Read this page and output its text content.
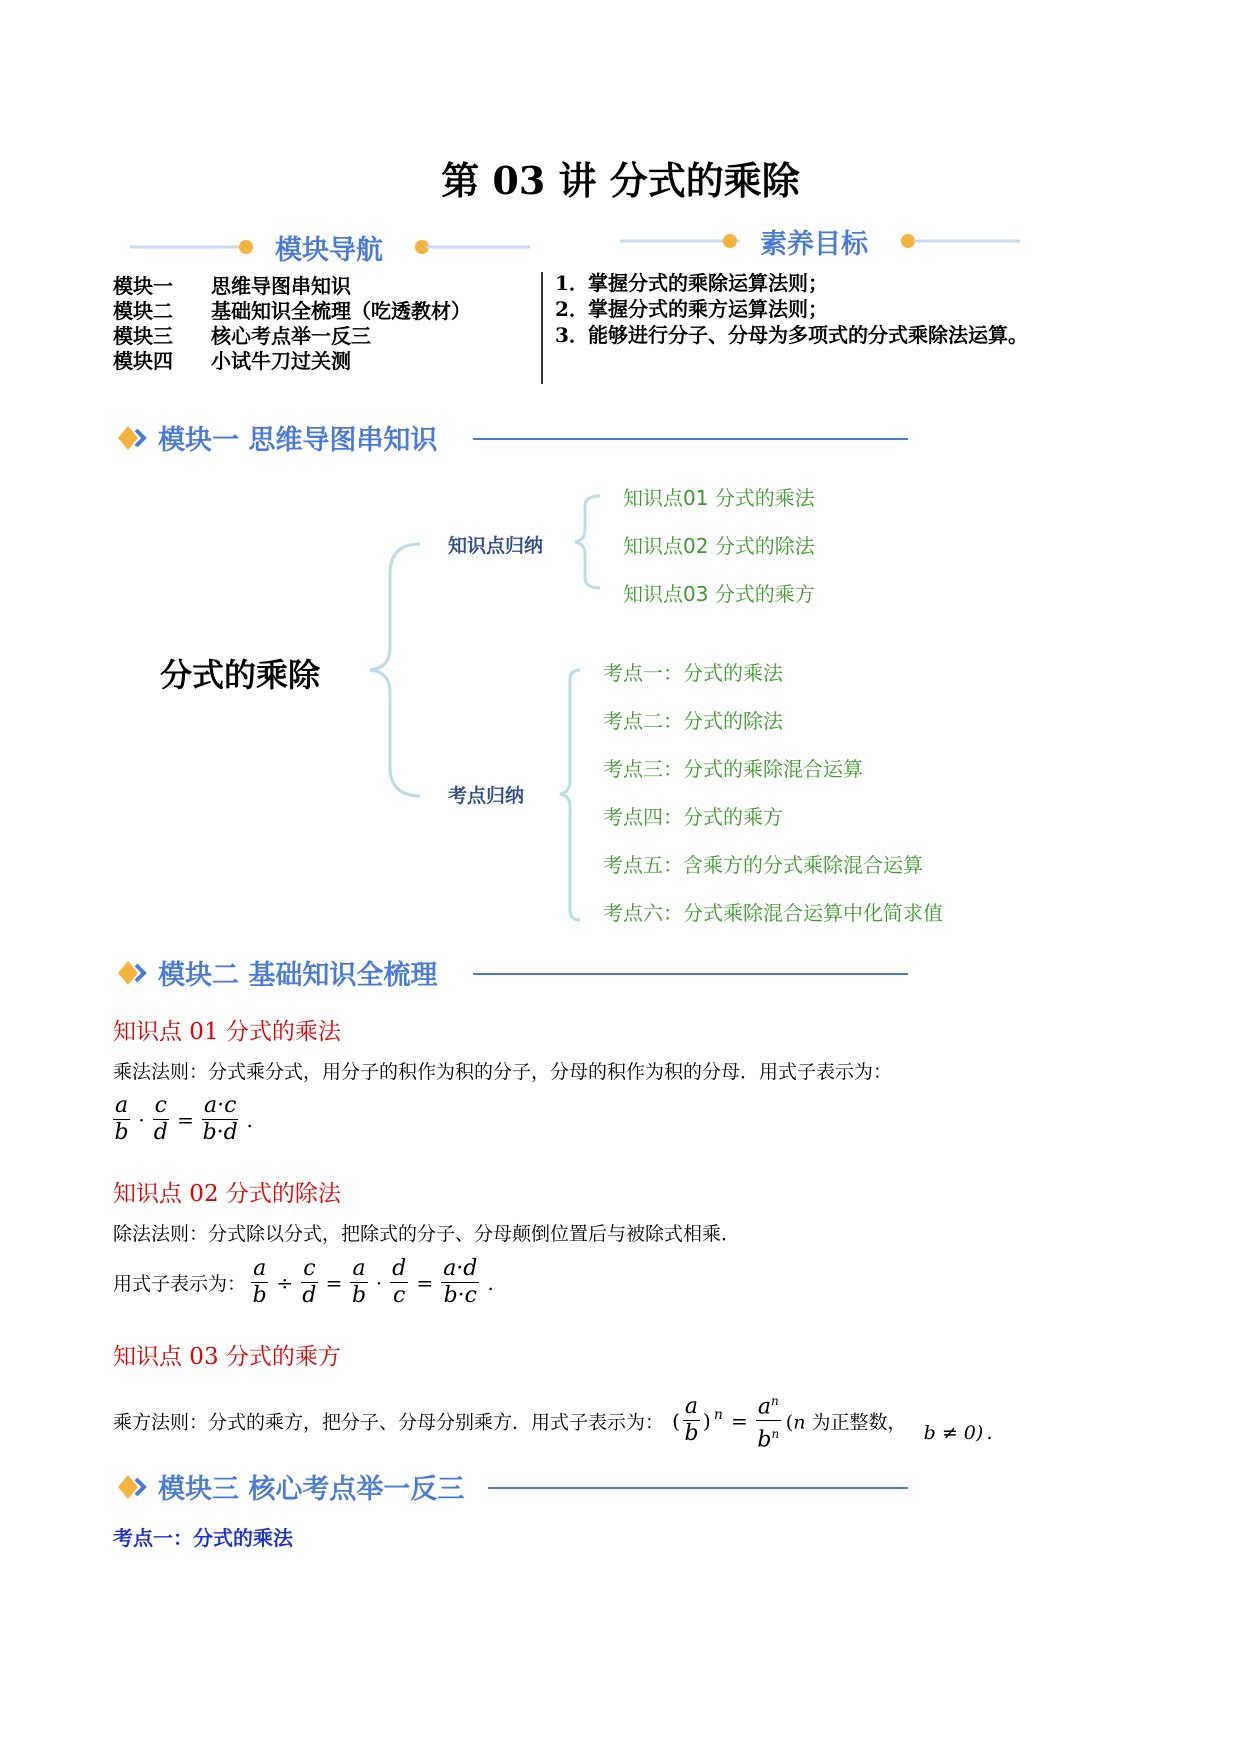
第 03 讲 分式的乘除
模块导航	素养目标
模块一 思维导图串知识
模块二 基础知识全梳理（吃透教材）
模块三 核心考点举一反三
模块四 小试牛刀过关测
1．掌握分式的乘除运算法则；
2．掌握分式的乘方运算法则；
3．能够进行分子、分母为多项式的分式乘除法运算。
模块一 思维导图串知识
分式的乘除
知识点归纳
考点归纳
知识点01 分式的乘法
知识点02 分式的除法
知识点03 分式的乘方
考点一：分式的乘法
考点二：分式的除法
考点三：分式的乘除混合运算
考点四：分式的乘方
考点五：含乘方的分式乘除混合运算
考点六：分式乘除混合运算中化简求值
模块二 基础知识全梳理
知识点 01 分式的乘法
乘法法则：分式乘分式，用分子的积作为积的分子，分母的积作为积的分母．用式子表示为：
$\frac{a}{b} \cdot \frac{c}{d} = \frac{a\cdot c}{b\cdot d}$ .
知识点 02 分式的除法
除法法则：分式除以分式，把除式的分子、分母颠倒位置后与被除式相乘．
用式子表示为： $\frac{a}{b} \div \frac{c}{d} = \frac{a}{b} \cdot \frac{d}{c} = \frac{a\cdot d}{b\cdot c}$ .
知识点 03 分式的乘方
乘方法则：分式的乘方，把分子、分母分别乘方．用式子表示为： ( $\frac{a}{b}$ ) $^n = \frac{a^n}{b^n} (n$ 为正整数， b ≠ 0) .
模块三 核心考点举一反三
考点一：分式的乘法
